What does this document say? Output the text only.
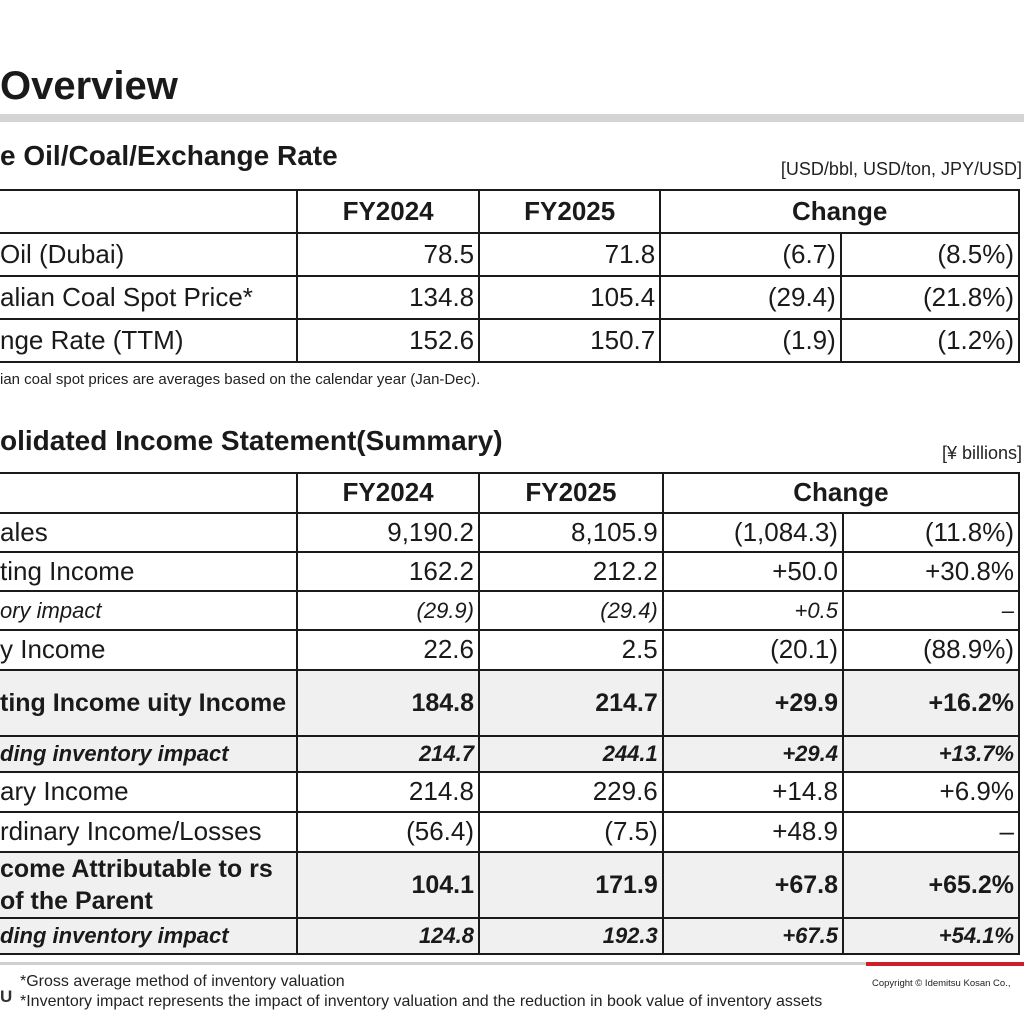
Overview
e Oil/Coal/Exchange Rate	[USD/bbl, USD/ton, JPY/USD]
	FY2024	FY2025	Change	
Oil (Dubai)	78.5	71.8	(6.7)	(8.5%)
alian Coal Spot Price*	134.8	105.4	(29.4)	(21.8%)
nge Rate (TTM)	152.6	150.7	(1.9)	(1.2%)
ian coal spot prices are averages based on the calendar year (Jan-Dec).
olidated Income Statement(Summary)	[¥ billions]
	FY2024	FY2025	Change	
ales	9,190.2	8,105.9	(1,084.3)	(11.8%)
ting Income	162.2	212.2	+50.0	+30.8%
ory impact	(29.9)	(29.4)	+0.5	–
y Income	22.6	2.5	(20.1)	(88.9%)
ting Income uity Income	184.8	214.7	+29.9	+16.2%
ding inventory impact	214.7	244.1	+29.4	+13.7%
ary Income	214.8	229.6	+14.8	+6.9%
rdinary Income/Losses	(56.4)	(7.5)	+48.9	–
come Attributable to rs of the Parent	104.1	171.9	+67.8	+65.2%
ding inventory impact	124.8	192.3	+67.5	+54.1%
U
*Gross average method of inventory valuation
*Inventory impact represents the impact of inventory valuation and the reduction in book value of inventory assets
Copyright © Idemitsu Kosan Co.,
